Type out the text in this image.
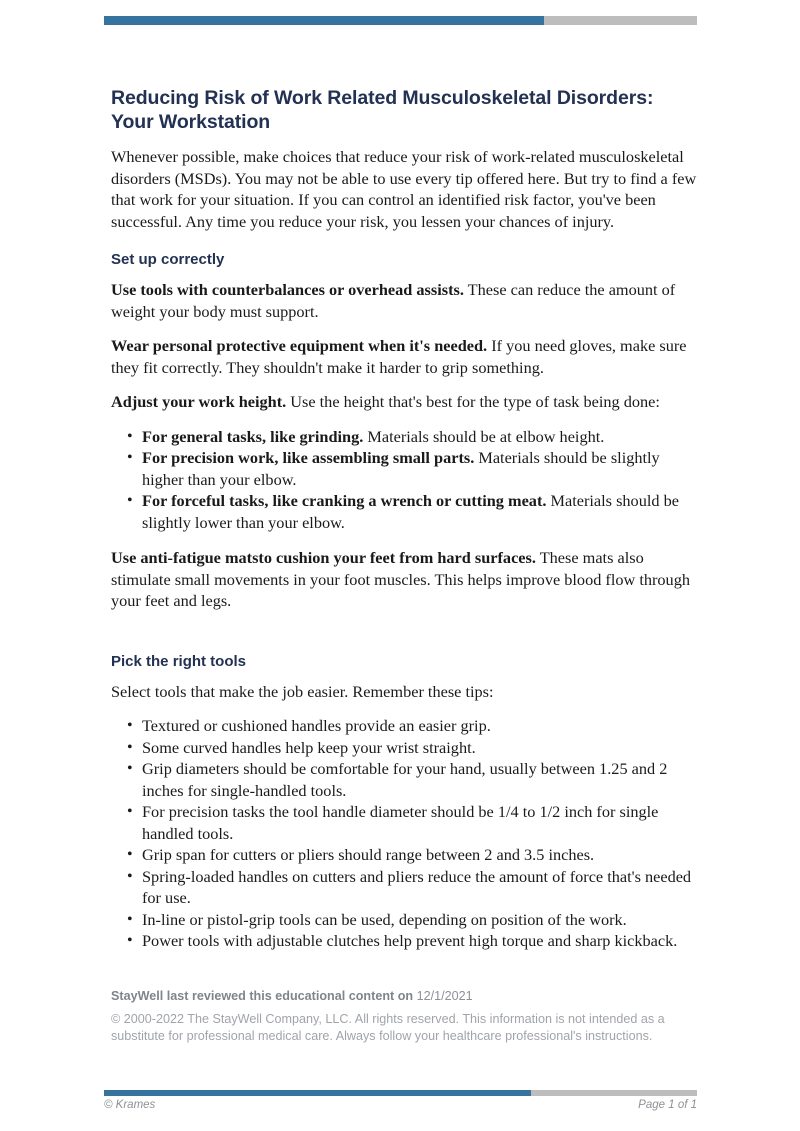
Reducing Risk of Work Related Musculoskeletal Disorders: Your Workstation

Whenever possible, make choices that reduce your risk of work-related musculoskeletal disorders (MSDs). You may not be able to use every tip offered here. But try to find a few that work for your situation. If you can control an identified risk factor, you've been successful. Any time you reduce your risk, you lessen your chances of injury.

Set up correctly

Use tools with counterbalances or overhead assists. These can reduce the amount of weight your body must support.

Wear personal protective equipment when it's needed. If you need gloves, make sure they fit correctly. They shouldn't make it harder to grip something.

Adjust your work height. Use the height that's best for the type of task being done:

• For general tasks, like grinding. Materials should be at elbow height.
• For precision work, like assembling small parts. Materials should be slightly higher than your elbow.
• For forceful tasks, like cranking a wrench or cutting meat. Materials should be slightly lower than your elbow.

Use anti-fatigue matsto cushion your feet from hard surfaces. These mats also stimulate small movements in your foot muscles. This helps improve blood flow through your feet and legs.

Pick the right tools

Select tools that make the job easier. Remember these tips:

• Textured or cushioned handles provide an easier grip.
• Some curved handles help keep your wrist straight.
• Grip diameters should be comfortable for your hand, usually between 1.25 and 2 inches for single-handled tools.
• For precision tasks the tool handle diameter should be 1/4 to 1/2 inch for single handled tools.
• Grip span for cutters or pliers should range between 2 and 3.5 inches.
• Spring-loaded handles on cutters and pliers reduce the amount of force that's needed for use.
• In-line or pistol-grip tools can be used, depending on position of the work.
• Power tools with adjustable clutches help prevent high torque and sharp kickback.

StayWell last reviewed this educational content on 12/1/2021

© 2000-2022 The StayWell Company, LLC. All rights reserved. This information is not intended as a substitute for professional medical care. Always follow your healthcare professional's instructions.

© Krames	Page 1 of 1
